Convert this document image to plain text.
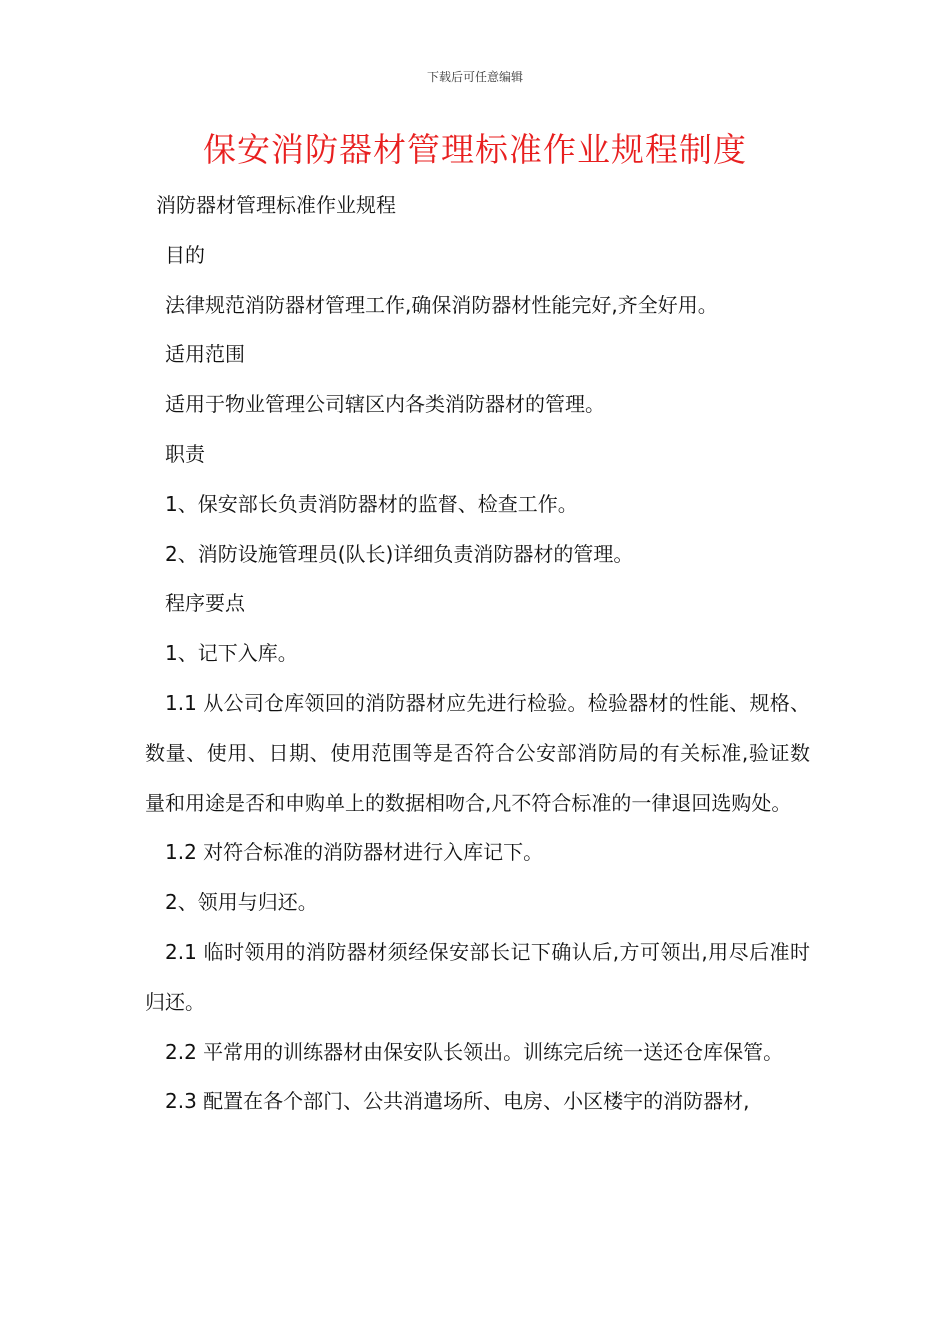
下载后可任意编辑
保安消防器材管理标准作业规程制度

消防器材管理标准作业规程

目的

法律规范消防器材管理工作,确保消防器材性能完好,齐全好用。

适用范围

适用于物业管理公司辖区内各类消防器材的管理。

职责

1、保安部长负责消防器材的监督、检查工作。

2、消防设施管理员(队长)详细负责消防器材的管理。

程序要点

1、记下入库。

1.1 从公司仓库领回的消防器材应先进行检验。检验器材的性能、规格、数量、使用、日期、使用范围等是否符合公安部消防局的有关标准,验证数量和用途是否和申购单上的数据相吻合,凡不符合标准的一律退回选购处。

1.2 对符合标准的消防器材进行入库记下。

2、领用与归还。

2.1 临时领用的消防器材须经保安部长记下确认后,方可领出,用尽后准时归还。

2.2 平常用的训练器材由保安队长领出。训练完后统一送还仓库保管。

2.3 配置在各个部门、公共消遣场所、电房、小区楼宇的消防器材,
